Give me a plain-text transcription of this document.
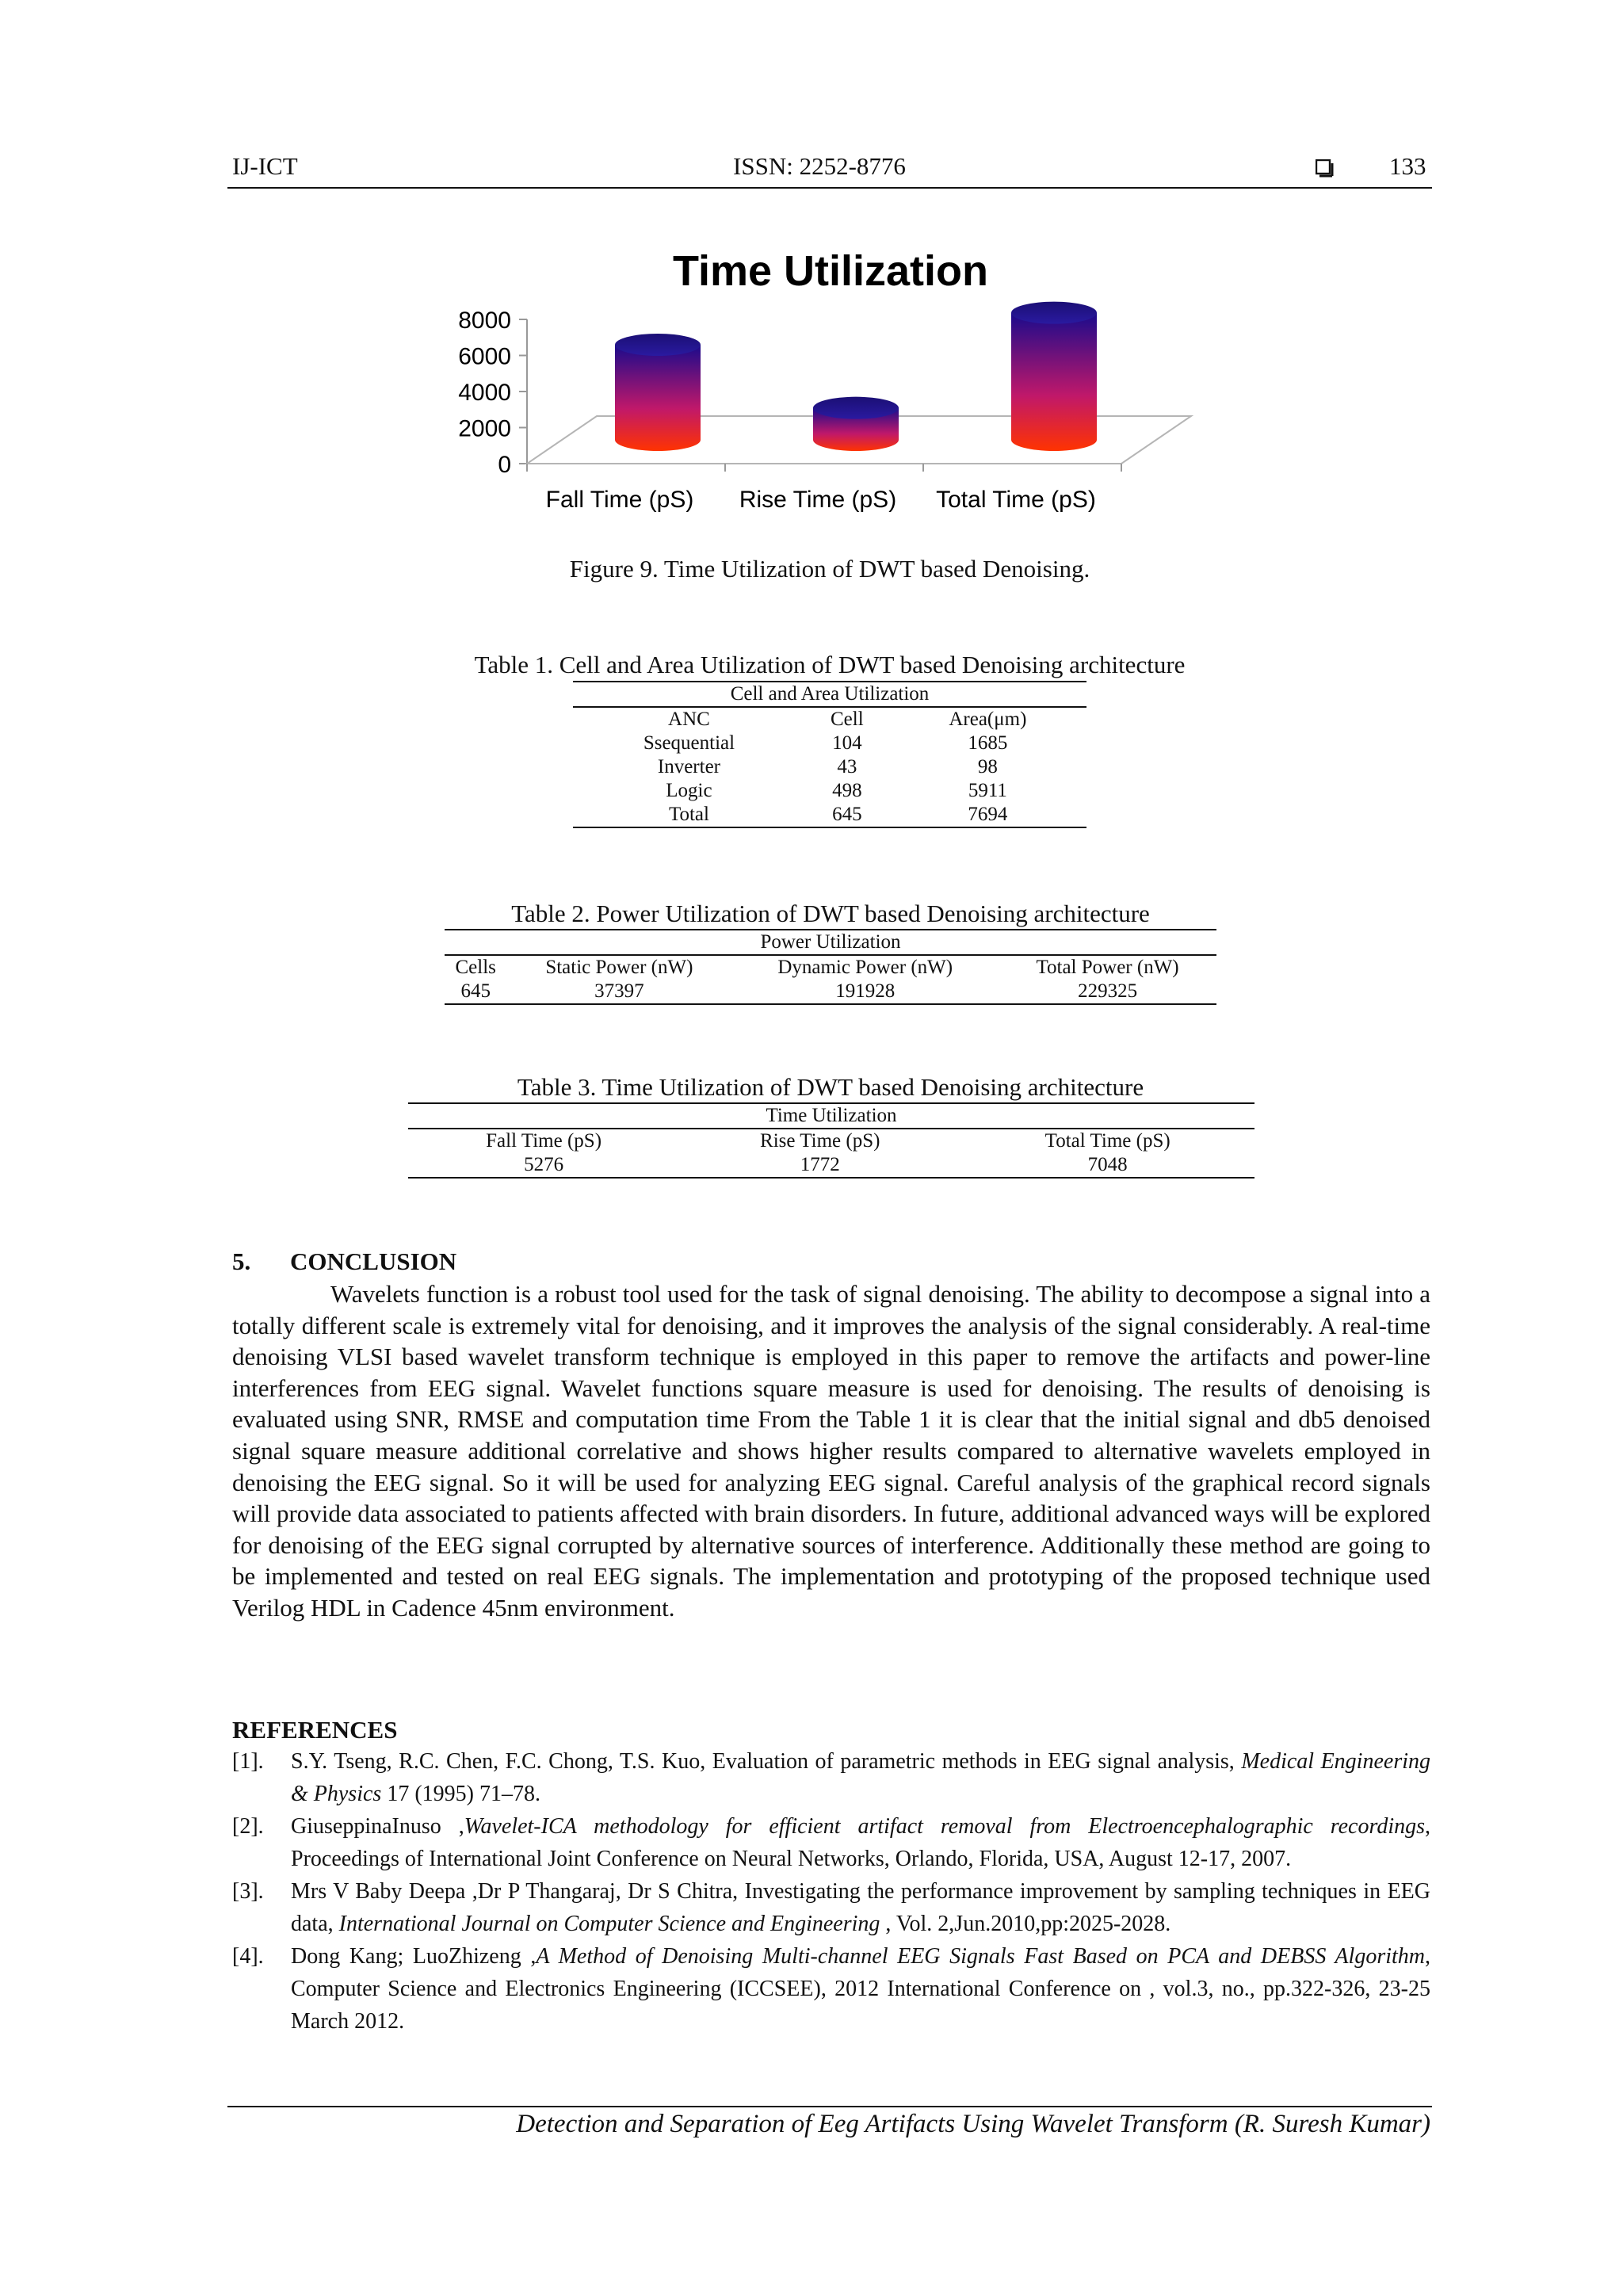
IJ-ICT	ISSN: 2252-8776	133
Time Utilization
0
2000
4000
6000
8000
Fall Time (pS) Rise Time (pS) Total Time (pS)
Figure 9. Time Utilization of DWT based Denoising.
Table 1. Cell and Area Utilization of DWT based Denoising architecture
Cell and Area Utilization		
ANC	Cell	Area(μm)
Ssequential	104	1685
Inverter	43	98
Logic	498	5911
Total	645	7694
Table 2. Power Utilization of DWT based Denoising architecture
Power Utilization			
Cells	Static Power (nW)	Dynamic Power (nW)	Total Power (nW)
645	37397	191928	229325
Table 3. Time Utilization of DWT based Denoising architecture
Time Utilization		
Fall Time (pS)	Rise Time (pS)	Total Time (pS)
5276	1772	7048
5. CONCLUSION

Wavelets function is a robust tool used for the task of signal denoising. The ability to decompose a signal into a totally different scale is extremely vital for denoising, and it improves the analysis of the signal considerably. A real-time denoising VLSI based wavelet transform technique is employed in this paper to remove the artifacts and power-line interferences from EEG signal. Wavelet functions square measure is used for denoising. The results of denoising is evaluated using SNR, RMSE and computation time From the Table 1 it is clear that the initial signal and db5 denoised signal square measure additional correlative and shows higher results compared to alternative wavelets employed in denoising the EEG signal. So it will be used for analyzing EEG signal. Careful analysis of the graphical record signals will provide data associated to patients affected with brain disorders. In future, additional advanced ways will be explored for denoising of the EEG signal corrupted by alternative sources of interference. Additionally these method are going to be implemented and tested on real EEG signals. The implementation and prototyping of the proposed technique used Verilog HDL in Cadence 45nm environment.

REFERENCES
[1]. S.Y. Tseng, R.C. Chen, F.C. Chong, T.S. Kuo, Evaluation of parametric methods in EEG signal analysis, Medical Engineering & Physics 17 (1995) 71–78.
[2]. GiuseppinaInuso ,Wavelet-ICA methodology for efficient artifact removal from Electroencephalographic recordings, Proceedings of International Joint Conference on Neural Networks, Orlando, Florida, USA, August 12-17, 2007.
[3]. Mrs V Baby Deepa ,Dr P Thangaraj, Dr S Chitra, Investigating the performance improvement by sampling techniques in EEG data, International Journal on Computer Science and Engineering , Vol. 2,Jun.2010,pp:2025-2028.
[4]. Dong Kang; LuoZhizeng ,A Method of Denoising Multi-channel EEG Signals Fast Based on PCA and DEBSS Algorithm, Computer Science and Electronics Engineering (ICCSEE), 2012 International Conference on , vol.3, no., pp.322-326, 23-25 March 2012.
Detection and Separation of Eeg Artifacts Using Wavelet Transform (R. Suresh Kumar)
